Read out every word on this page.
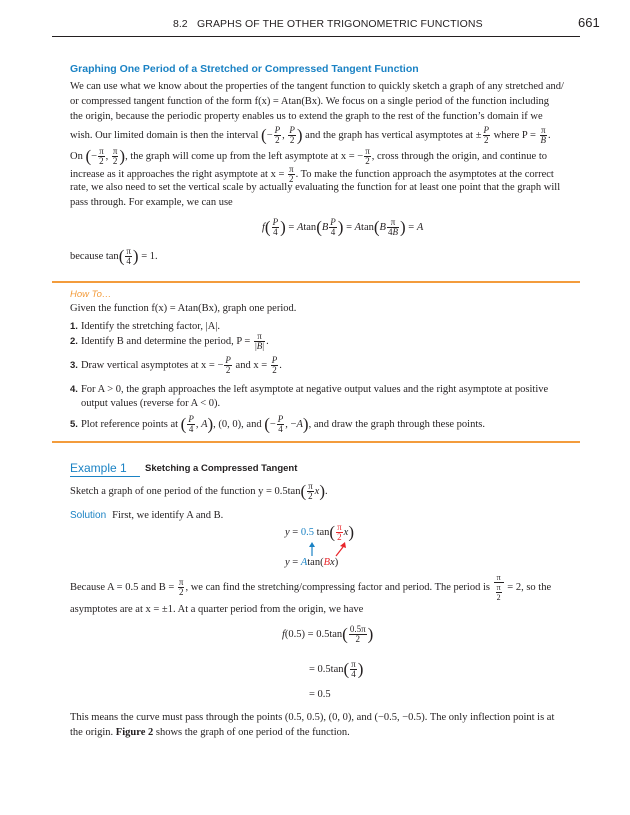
8.2 GRAPHS OF THE OTHER TRIGONOMETRIC FUNCTIONS	661
Graphing One Period of a Stretched or Compressed Tangent Function
We can use what we know about the properties of the tangent function to quickly sketch a graph of any stretched and/
or compressed tangent function of the form f(x) = Atan(Bx). We focus on a single period of the function including
the origin, because the periodic property enables us to extend the graph to the rest of the function’s domain if we
wish. Our limited domain is then the interval (− $\frac{P}{2}$ , $\frac{P}{2}$ ) and the graph has vertical asymptotes at ± $\frac{P}{2}$ where $P = \frac{\pi}{B}$ .
On (− $\frac{\pi}{2}$ , $\frac{\pi}{2}$ ), the graph will come up from the left asymptote at x = − $\frac{\pi}{2}$ , cross through the origin, and continue to
increase as it approaches the right asymptote at $x = \frac{\pi}{2}$ . To make the function approach the asymptotes at the correct
rate, we also need to set the vertical scale by actually evaluating the function for at least one point that the graph will
pass through. For example, we can use
$f( \frac{P}{4}$ ) = $Atan(B \frac{P}{4}$ ) = $Atan(B \frac{\pi}{4B}$ ) = A
because $\tan( \frac{\pi}{4}$ ) = 1.
How To…
Given the function f(x) = Atan(Bx), graph one period.
1. Identify the stretching factor, |A|.
2. Identify B and determine the period, $P = \frac{\pi}{|B|}$ .
3. Draw vertical asymptotes at x = − $\frac{P}{2}$ and $x = \frac{P}{2}$ .
4. For A > 0, the graph approaches the left asymptote at negative output values and the right asymptote at positive
output values (reverse for A < 0).
5. Plot reference points at ( $\frac{P}{4}$ , A), (0, 0), and (− $\frac{P}{4}$ , −A), and draw the graph through these points.
Example 1 Sketching a Compressed Tangent
Sketch a graph of one period of the function $y = 0.5\tan( \frac{\pi}{2} x)$.
Solution First, we identify A and B.
y = 0.5 $\tan( \frac{\pi}{2} x)$
y = Atan(Bx)
Because A = 0.5 and $B = \frac{\pi}{2}$ , we can find the stretching/compressing factor and period. The period is $\frac{\pi}{\frac{\pi}{2}} = 2$, so the
asymptotes are at x = ±1. At a quarter period from the origin, we have
$f(0.5) = 0.5\tan( \frac{0.5\pi}{2}$ )
= $0.5\tan( \frac{\pi}{4}$ )
= 0.5
This means the curve must pass through the points (0.5, 0.5), (0, 0), and (−0.5, −0.5). The only inflection point is at
the origin. Figure 2 shows the graph of one period of the function.
